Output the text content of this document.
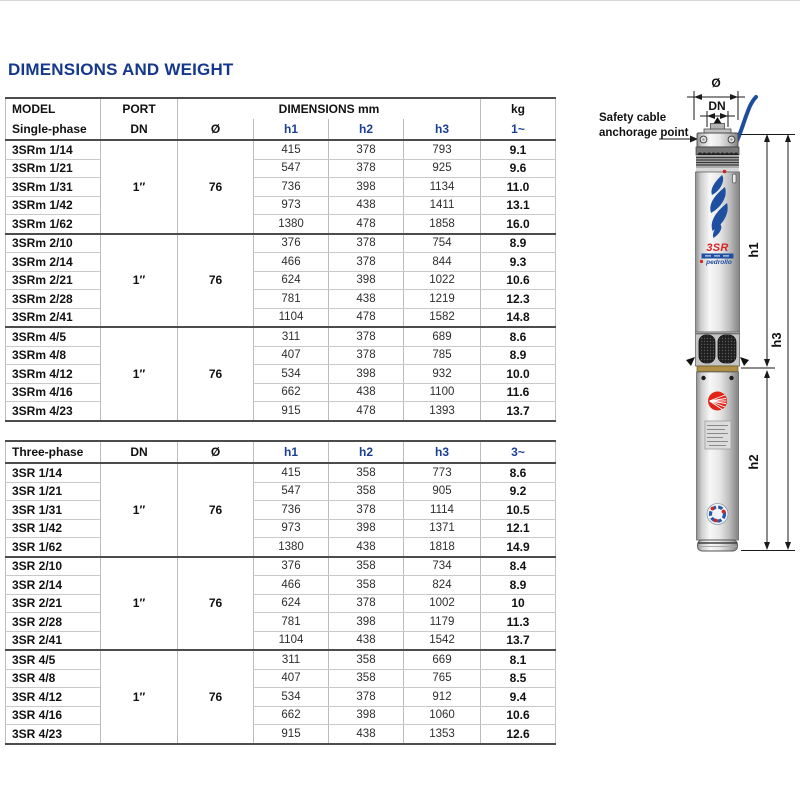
DIMENSIONS AND WEIGHT
MODEL	PORT	DIMENSIONS mm				kg
Single-phase	DN	Ø	h1	h2	h3	1~
3SRm 1/14	1″	76	415	378	793	9.1
3SRm 1/21			547	378	925	9.6
3SRm 1/31			736	398	1134	11.0
3SRm 1/42			973	438	1411	13.1
3SRm 1/62			1380	478	1858	16.0
3SRm 2/10	1″	76	376	378	754	8.9
3SRm 2/14			466	378	844	9.3
3SRm 2/21			624	398	1022	10.6
3SRm 2/28			781	438	1219	12.3
3SRm 2/41			1104	478	1582	14.8
3SRm 4/5	1″	76	311	378	689	8.6
3SRm 4/8			407	378	785	8.9
3SRm 4/12			534	398	932	10.0
3SRm 4/16			662	438	1100	11.6
3SRm 4/23			915	478	1393	13.7
Three-phase	DN	Ø	h1	h2	h3	3~
3SR 1/14	1″	76	415	358	773	8.6
3SR 1/21			547	358	905	9.2
3SR 1/31			736	378	1114	10.5
3SR 1/42			973	398	1371	12.1
3SR 1/62			1380	438	1818	14.9
3SR 2/10	1″	76	376	358	734	8.4
3SR 2/14			466	358	824	8.9
3SR 2/21			624	378	1002	10
3SR 2/28			781	398	1179	11.3
3SR 2/41			1104	438	1542	13.7
3SR 4/5	1″	76	311	358	669	8.1
3SR 4/8			407	358	765	8.5
3SR 4/12			534	378	912	9.4
3SR 4/16			662	398	1060	10.6
3SR 4/23			915	438	1353	12.6
Ø
DN
Safety cable
anchorage point
3SR
pedrollo
h1
h2
h3
